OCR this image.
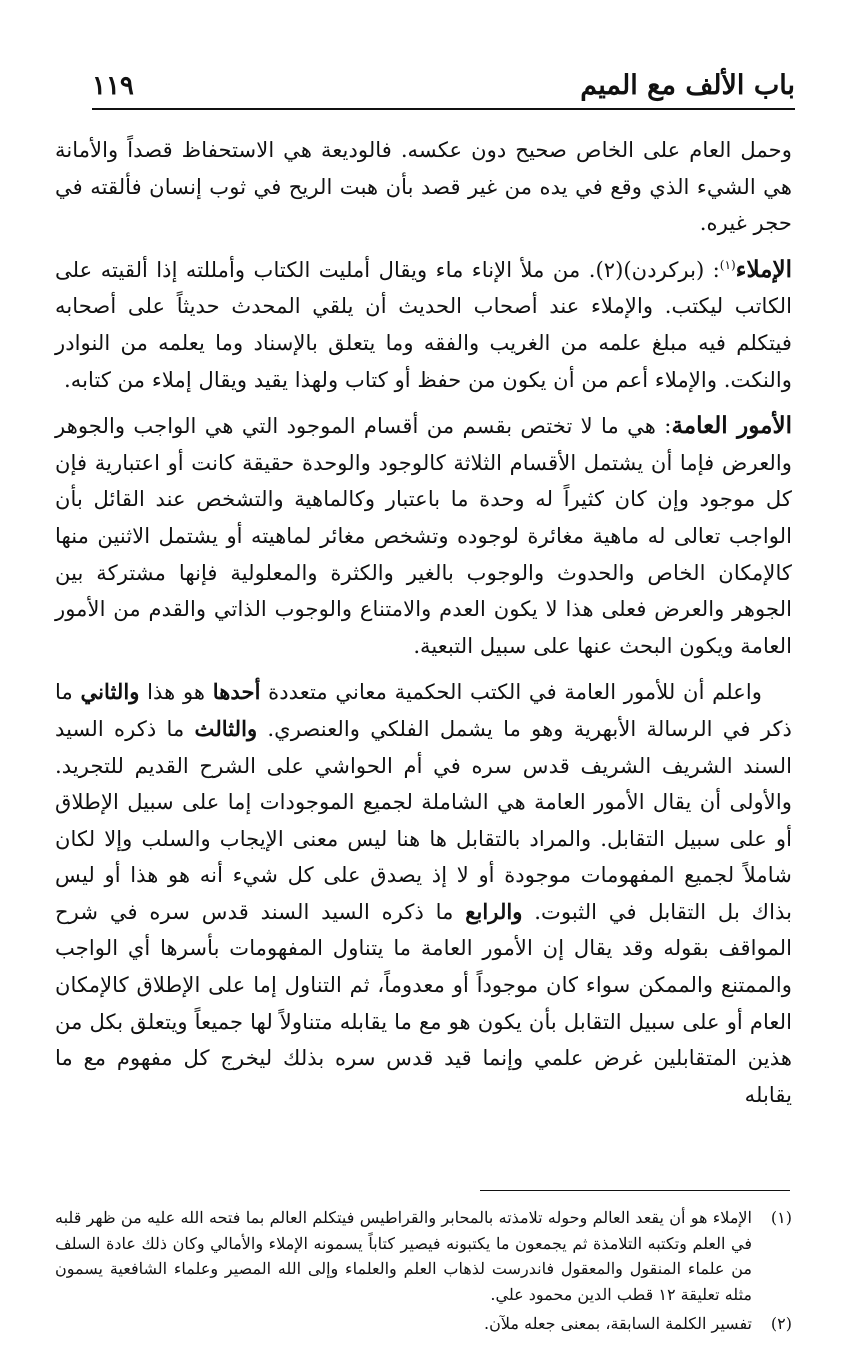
باب الألف مع الميم
١١٩

وحمل العام على الخاص صحيح دون عكسه. فالوديعة هي الاستحفاظ قصداً والأمانة هي الشيء الذي وقع في يده من غير قصد بأن هبت الريح في ثوب إنسان فألقته في حجر غيره.

الإملاء$^{(١)}$: (بركردن)(٢). من ملأ الإناء ماء ويقال أمليت الكتاب وأمللته إذا ألقيته على الكاتب ليكتب. والإملاء عند أصحاب الحديث أن يلقي المحدث حديثاً على أصحابه فيتكلم فيه مبلغ علمه من الغريب والفقه وما يتعلق بالإسناد وما يعلمه من النوادر والنكت. والإملاء أعم من أن يكون من حفظ أو كتاب ولهذا يقيد ويقال إملاء من كتابه.

الأمور العامة: هي ما لا تختص بقسم من أقسام الموجود التي هي الواجب والجوهر والعرض فإما أن يشتمل الأقسام الثلاثة كالوجود والوحدة حقيقة كانت أو اعتبارية فإن كل موجود وإن كان كثيراً له وحدة ما باعتبار وكالماهية والتشخص عند القائل بأن الواجب تعالى له ماهية مغائرة لوجوده وتشخص مغائر لماهيته أو يشتمل الاثنين منها كالإمكان الخاص والحدوث والوجوب بالغير والكثرة والمعلولية فإنها مشتركة بين الجوهر والعرض فعلى هذا لا يكون العدم والامتناع والوجوب الذاتي والقدم من الأمور العامة ويكون البحث عنها على سبيل التبعية.

واعلم أن للأمور العامة في الكتب الحكمية معاني متعددة أحدها هو هذا والثاني ما ذكر في الرسالة الأبهرية وهو ما يشمل الفلكي والعنصري. والثالث ما ذكره السيد السند الشريف الشريف قدس سره في أم الحواشي على الشرح القديم للتجريد. والأولى أن يقال الأمور العامة هي الشاملة لجميع الموجودات إما على سبيل الإطلاق أو على سبيل التقابل. والمراد بالتقابل ها هنا ليس معنى الإيجاب والسلب وإلا لكان شاملاً لجميع المفهومات موجودة أو لا إذ يصدق على كل شيء أنه هو هذا أو ليس بذاك بل التقابل في الثبوت. والرابع ما ذكره السيد السند قدس سره في شرح المواقف بقوله وقد يقال إن الأمور العامة ما يتناول المفهومات بأسرها أي الواجب والممتنع والممكن سواء كان موجوداً أو معدوماً، ثم التناول إما على الإطلاق كالإمكان العام أو على سبيل التقابل بأن يكون هو مع ما يقابله متناولاً لها جميعاً ويتعلق بكل من هذين المتقابلين غرض علمي وإنما قيد قدس سره بذلك ليخرج كل مفهوم مع ما يقابله

(١)
الإملاء هو أن يقعد العالم وحوله تلامذته بالمحابر والقراطيس فيتكلم العالم بما فتحه الله عليه من ظهر قلبه في العلم وتكتبه التلامذة ثم يجمعون ما يكتبونه فيصير كتاباً يسمونه الإملاء والأمالي وكان ذلك عادة السلف من علماء المنقول والمعقول فاندرست لذهاب العلم والعلماء وإلى الله المصير وعلماء الشافعية يسمون مثله تعليقة ١٢ قطب الدين محمود علي.
(٢)
تفسير الكلمة السابقة، بمعنى جعله ملآن.
